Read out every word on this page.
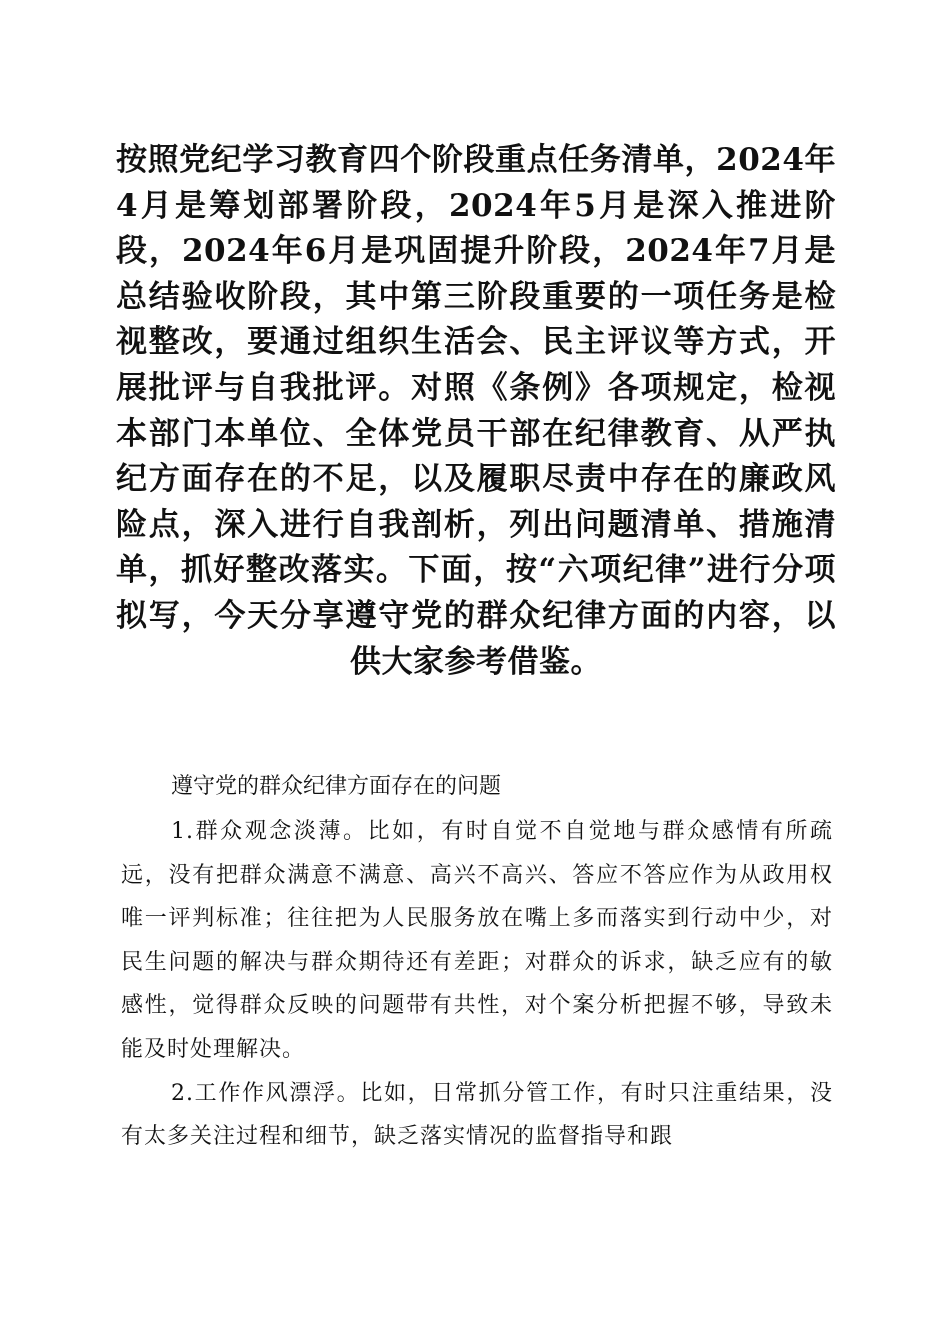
按照党纪学习教育四个阶段重点任务清单，2024年4月是筹划部署阶段，2024年5月是深入推进阶段，2024年6月是巩固提升阶段，2024年7月是总结验收阶段，其中第三阶段重要的一项任务是检视整改，要通过组织生活会、民主评议等方式，开展批评与自我批评。对照《条例》各项规定，检视本部门本单位、全体党员干部在纪律教育、从严执纪方面存在的不足，以及履职尽责中存在的廉政风险点，深入进行自我剖析，列出问题清单、措施清单，抓好整改落实。下面，按“六项纪律”进行分项拟写，今天分享遵守党的群众纪律方面的内容，以供大家参考借鉴。

遵守党的群众纪律方面存在的问题

1.群众观念淡薄。比如，有时自觉不自觉地与群众感情有所疏远，没有把群众满意不满意、高兴不高兴、答应不答应作为从政用权唯一评判标准；往往把为人民服务放在嘴上多而落实到行动中少，对民生问题的解决与群众期待还有差距；对群众的诉求，缺乏应有的敏感性，觉得群众反映的问题带有共性，对个案分析把握不够，导致未能及时处理解决。

2.工作作风漂浮。比如，日常抓分管工作，有时只注重结果，没有太多关注过程和细节，缺乏落实情况的监督指导和跟
